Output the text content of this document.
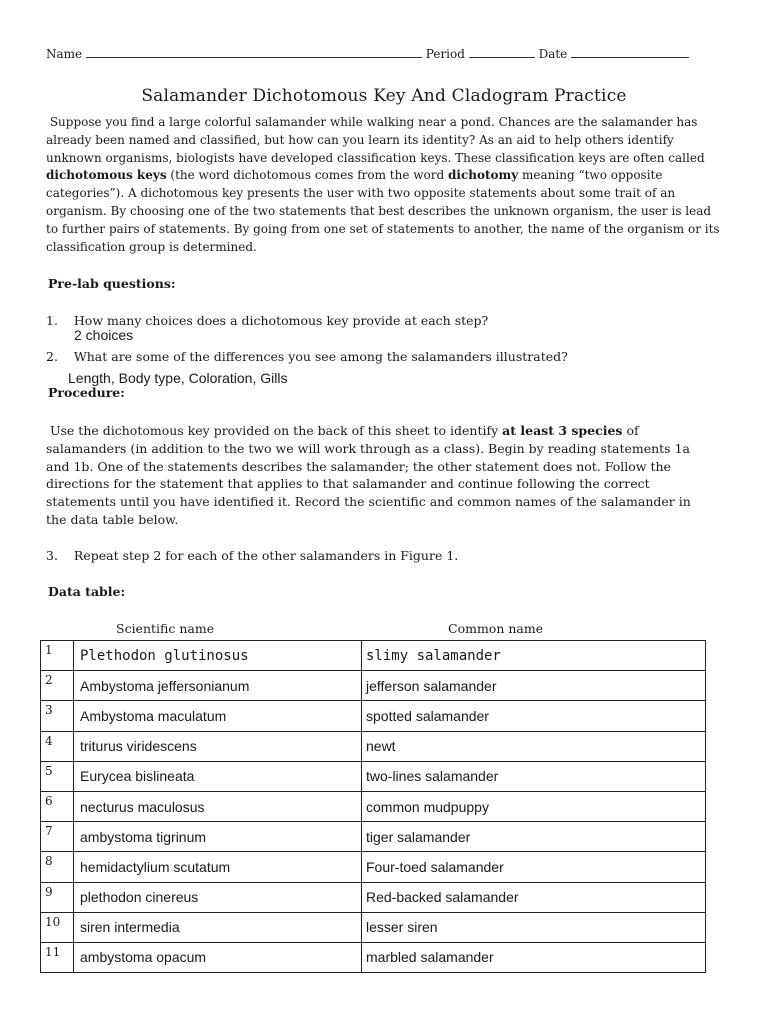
Name	Period	Date
Salamander Dichotomous Key And Cladogram Practice
Suppose you find a large colorful salamander while walking near a pond. Chances are the salamander has already been named and classified, but how can you learn its identity? As an aid to help others identify unknown organisms, biologists have developed classification keys. These classification keys are often called dichotomous keys (the word dichotomous comes from the word dichotomy meaning “two opposite categories”). A dichotomous key presents the user with two opposite statements about some trait of an organism. By choosing one of the two statements that best describes the unknown organism, the user is lead to further pairs of statements. By going from one set of statements to another, the name of the organism or its classification group is determined.
Pre-lab questions:
1. How many choices does a dichotomous key provide at each step?
2 choices
2. What are some of the differences you see among the salamanders illustrated?
Length, Body type, Coloration, Gills
Procedure:
Use the dichotomous key provided on the back of this sheet to identify at least 3 species of salamanders (in addition to the two we will work through as a class). Begin by reading statements 1a and 1b. One of the statements describes the salamander; the other statement does not. Follow the directions for the statement that applies to that salamander and continue following the correct statements until you have identified it. Record the scientific and common names of the salamander in the data table below.
3. Repeat step 2 for each of the other salamanders in Figure 1.
Data table:
Scientific name	Common name
1	Plethodon glutinosus	slimy salamander
2	Ambystoma jeffersonianum	jefferson salamander
3	Ambystoma maculatum	spotted salamander
4	triturus viridescens	newt
5	Eurycea bislineata	two-lines salamander
6	necturus maculosus	common mudpuppy
7	ambystoma tigrinum	tiger salamander
8	hemidactylium scutatum	Four-toed salamander
9	plethodon cinereus	Red-backed salamander
10	siren intermedia	lesser siren
11	ambystoma opacum	marbled salamander
